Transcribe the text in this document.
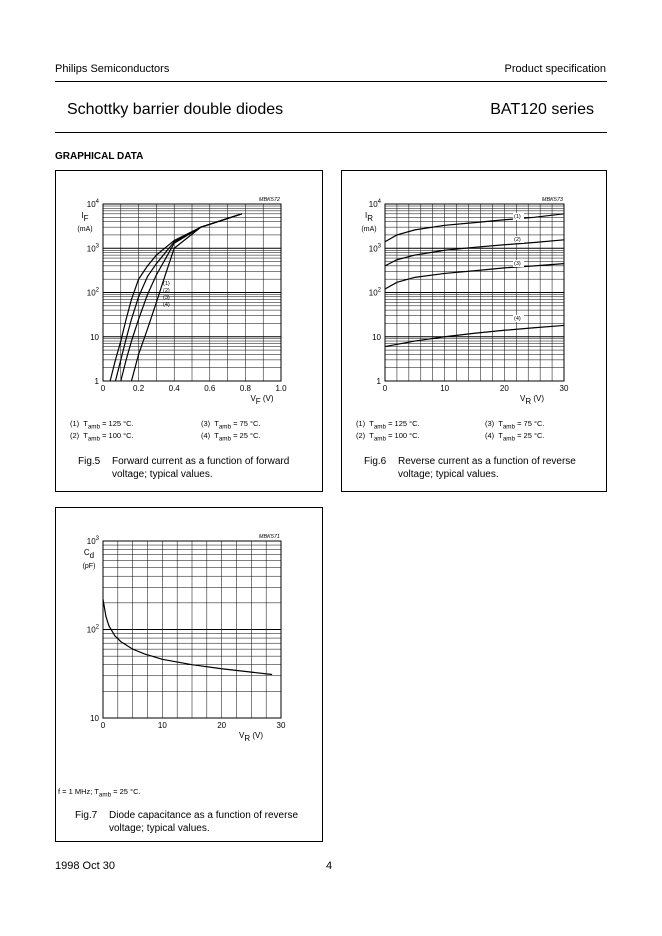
Philips Semiconductors	Product specification
Schottky barrier double diodes	BAT120 series
GRAPHICAL DATA
0	0.2	0.4	0.6	0.8	1.0
1
10
$10^2$
$10^3$
$10^4$
IF
(mA)
VF (V)
MBK572
(1)
(2)
(3)
(4)
(1) $T_{amb} = 125$ °C.
(2) $T_{amb} = 100$ °C.
(3) $T_{amb} = 75$ °C.
(4) $T_{amb} = 25$ °C.
Fig.5 Forward current as a function of forward voltage; typical values.
0	10	20	30
1
10
$10^2$
$10^3$
$10^4$
IR
(mA)
VR (V)
MBK573
(1)
(2)
(3)
(4)
(1) $T_{amb} = 125$ °C.
(2) $T_{amb} = 100$ °C.
(3) $T_{amb} = 75$ °C.
(4) $T_{amb} = 25$ °C.
Fig.6 Reverse current as a function of reverse voltage; typical values.
0	10	20	30
10
$10^2$
$10^3$
Cd
(pF)
VR (V)
MBK571
f = 1 MHz; $T_{amb} = 25$ °C.
Fig.7 Diode capacitance as a function of reverse voltage; typical values.
1998 Oct 30	4
